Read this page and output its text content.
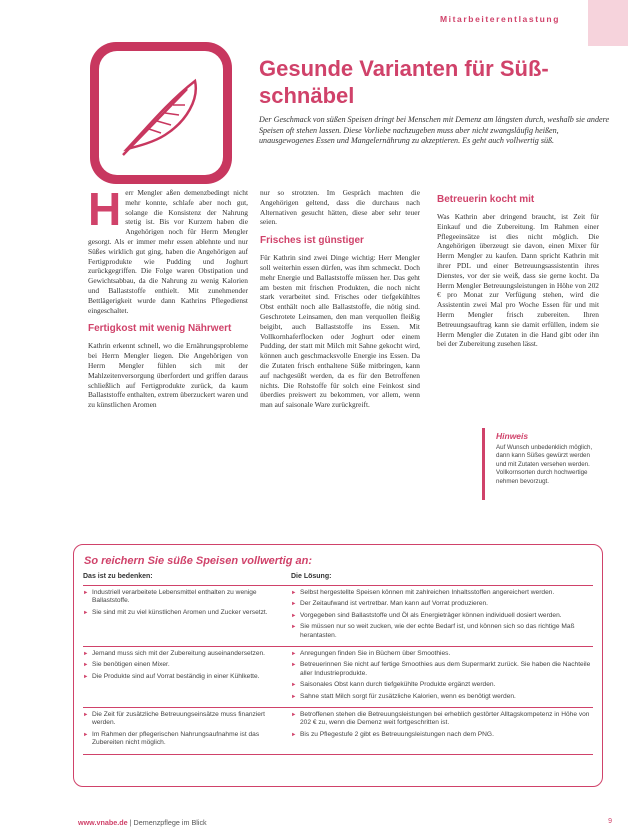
Mitarbeiterentlastung
Gesunde Varianten für Süß-schnäbel
Der Geschmack von süßen Speisen dringt bei Menschen mit Demenz am längsten durch, weshalb sie andere Speisen oft stehen lassen. Diese Vorliebe nachzugeben muss aber nicht zwangsläufig heißen, unausgewogenes Essen und Mangelernährung zu akzeptieren. Es geht auch vollwertig süß.
H err Mengler aßen demenzbedingt nicht mehr konnte, schlafe aber noch gut, solange die Konsistenz der Nahrung stetig ist. Bis vor Kurzem haben die Angehörigen noch für Herrn Mengler gesorgt. Als er immer mehr essen ablehnte und nur Süßes wirklich gut ging, haben die Angehörigen auf Fertigprodukte wie Pudding und Joghurt zurückgegriffen. Die Folge waren Obstipation und Gewichtsabbau, da die Nahrung zu wenig Kalorien und Ballaststoffe enthielt. Mit zunehmender Bettlägerigkeit wurde dann Kathrins Pflegedienst eingeschaltet.

Fertigkost mit wenig Nährwert

Kathrin erkennt schnell, wo die Ernährungsprobleme bei Herrn Mengler liegen. Die Angehörigen von Herrn Mengler fühlen sich mit der Mahlzeitenversorgung überfordert und griffen daraus schließlich auf Fertigprodukte zurück, da kaum Ballaststoffe enthalten, extrem überzuckert waren und zu künstlichen Aromen

nur so strotzten. Im Gespräch machten die Angehörigen geltend, dass die durchaus nach Alternativen gesucht hätten, diese aber sehr teuer seien.

Frisches ist günstiger

Für Kathrin sind zwei Dinge wichtig: Herr Mengler soll weiterhin essen dürfen, was ihm schmeckt. Doch mehr Energie und Ballaststoffe müssen her. Das geht am besten mit frischen Produkten, die noch nicht stark verarbeitet sind. Frisches oder tiefgekühltes Obst enthält noch alle Ballaststoffe, die nötig sind. Geschrotete Leinsamen, den man verquollen fleißig beigibt, auch Ballaststoffe ins Essen. Mit Vollkornhaferflocken oder Joghurt oder einem Pudding, der statt mit Milch mit Sahne gekocht wird, können auch geschmacksvolle Energie ins Essen. Da die Zutaten frisch enthaltene Süße mitbringen, kann auf nachgesüßt werden, da es für den Betroffenen nichts. Die Rohstoffe für solch eine Feinkost sind überdies preiswert zu bekommen, vor allem, wenn man auf saisonale Ware zurückgreift.

Betreuerin kocht mit

Was Kathrin aber dringend braucht, ist Zeit für Einkauf und die Zubereitung. Im Rahmen einer Pflegeeinsätze ist dies nicht möglich. Die Angehörigen überzeugt sie davon, einen Mixer für Herrn Mengler zu kaufen. Dann spricht Kathrin mit ihrer PDL und einer Betreuungsassistentin ihres Dienstes, vor der sie weiß, dass sie gerne kocht. Da Herrn Mengler Betreuungsleistungen in Höhe von 202 € pro Monat zur Verfügung stehen, wird die Assistentin zwei Mal pro Woche Essen für und mit Herrn Mengler frisch zubereiten. Ihren Betreuungsauftrag kann sie damit erfüllen, indem sie Herrn Mengler die Zutaten in die Hand gibt oder ihn bei der Zubereitung zusehen lässt.

Hinweis
Auf Wunsch unbedenklich möglich, dann kann Süßes gewürzt werden und mit Zutaten versehen werden. Vollkornsorten durch hochwertige nehmen bevorzugt.
So reichern Sie süße Speisen vollwertig an:
Das ist zu bedenken:	Die Lösung:
► Industriell verarbeitete Lebensmittel enthalten zu wenige Ballaststoffe.
► Sie sind mit zu viel künstlichen Aromen und Zucker versetzt.
► Selbst hergestellte Speisen können mit zahlreichen Inhaltsstoffen angereichert werden.
► Der Zeitaufwand ist vertretbar. Man kann auf Vorrat produzieren.
► Vorgegeben sind Ballaststoffe und Öl als Energieträger können individuell dosiert werden.
► Sie müssen nur so weit zucken, wie der echte Bedarf ist, und können sich so das richtige Maß herantasten.
► Jemand muss sich mit der Zubereitung auseinandersetzen.
► Sie benötigen einen Mixer.
► Die Produkte sind auf Vorrat beständig in einer Kühlkette.
► Anregungen finden Sie in Büchern über Smoothies.
► Betreuerinnen Sie nicht auf fertige Smoothies aus dem Supermarkt zurück. Sie haben die Nachteile aller Industrieprodukte.
► Saisonales Obst kann durch tiefgekühlte Produkte ergänzt werden.
► Sahne statt Milch sorgt für zusätzliche Kalorien, wenn es benötigt werden.
► Die Zeit für zusätzliche Betreuungseinsätze muss finanziert werden.
► Im Rahmen der pflegerischen Nahrungsaufnahme ist das Zubereiten nicht möglich.
► Betroffenen stehen die Betreuungsleistungen bei erheblich gestörter Alltagskompetenz in Höhe von 202 € zu, wenn die Demenz weit fortgeschritten ist.
► Bis zu Pflegestufe 2 gibt es Betreuungsleistungen nach dem PNG.
www.vnabe.de | Demenzpflege im Blick	9
